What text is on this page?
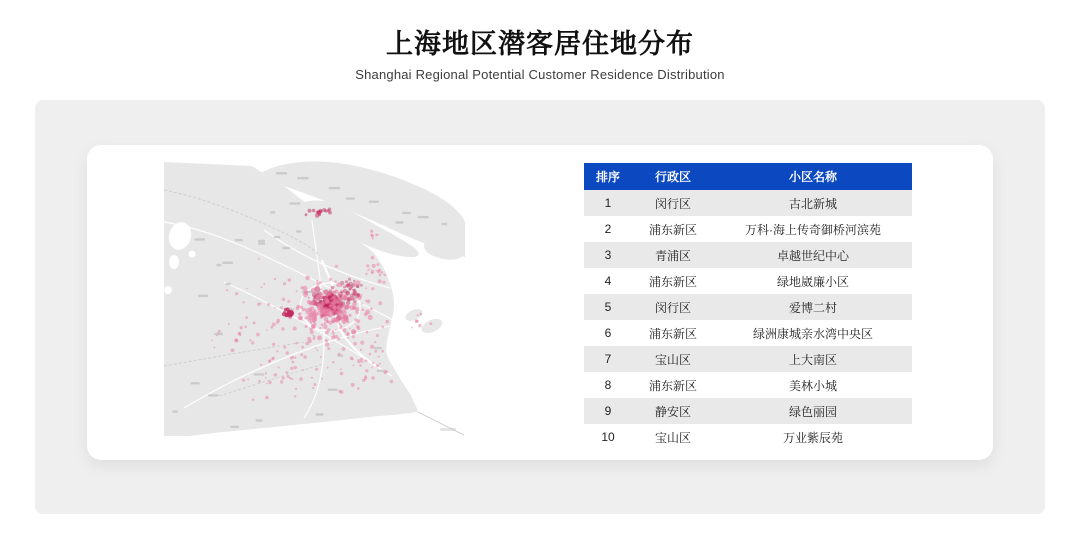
上海地区潜客居住地分布
Shanghai Regional Potential Customer Residence Distribution
排序	行政区	小区名称
1	闵行区	古北新城
2	浦东新区	万科·海上传奇御桥河滨苑
3	青浦区	卓越世纪中心
4	浦东新区	绿地崴廉小区
5	闵行区	爱博二村
6	浦东新区	绿洲康城亲水湾中央区
7	宝山区	上大南区
8	浦东新区	美林小城
9	静安区	绿色丽园
10	宝山区	万业紫辰苑
